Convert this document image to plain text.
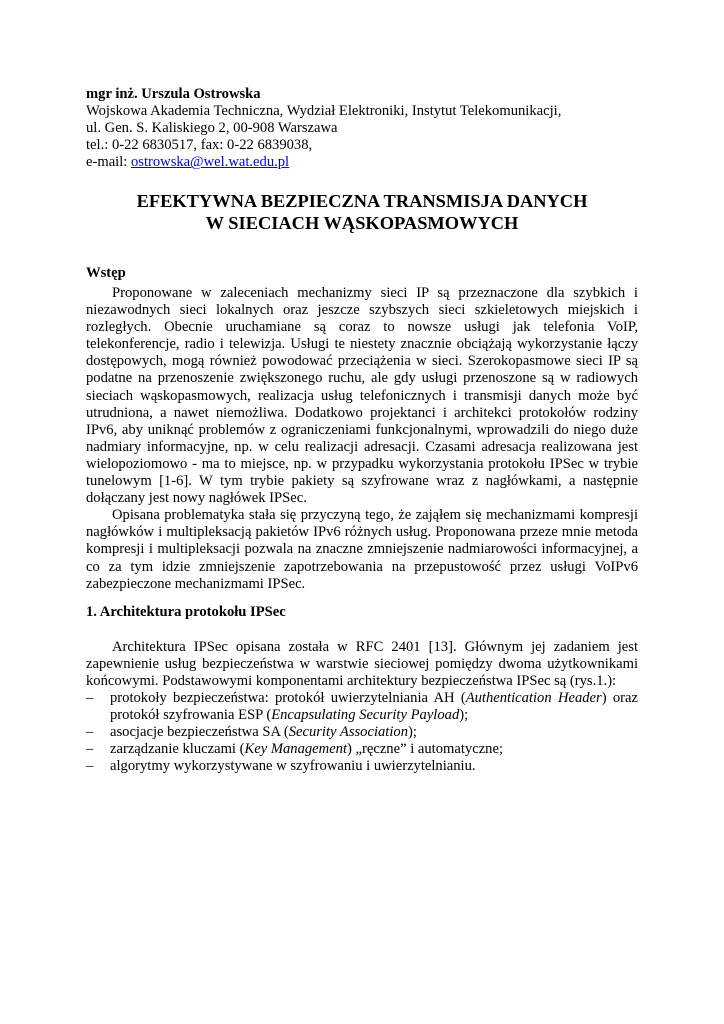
mgr inż. Urszula Ostrowska
Wojskowa Akademia Techniczna, Wydział Elektroniki, Instytut Telekomunikacji,
ul. Gen. S. Kaliskiego 2, 00-908 Warszawa
tel.: 0-22 6830517, fax: 0-22 6839038,
e-mail: ostrowska@wel.wat.edu.pl
EFEKTYWNA BEZPIECZNA TRANSMISJA DANYCH
W SIECIACH WĄSKOPASMOWYCH
Wstęp

Proponowane w zaleceniach mechanizmy sieci IP są przeznaczone dla szybkich i niezawodnych sieci lokalnych oraz jeszcze szybszych sieci szkieletowych miejskich i rozległych. Obecnie uruchamiane są coraz to nowsze usługi jak telefonia VoIP, telekonferencje, radio i telewizja. Usługi te niestety znacznie obciążają wykorzystanie łączy dostępowych, mogą również powodować przeciążenia w sieci. Szerokopasmowe sieci IP są podatne na przenoszenie zwiększonego ruchu, ale gdy usługi przenoszone są w radiowych sieciach wąskopasmowych, realizacja usług telefonicznych i transmisji danych może być utrudniona, a nawet niemożliwa. Dodatkowo projektanci i architekci protokołów rodziny IPv6, aby uniknąć problemów z ograniczeniami funkcjonalnymi, wprowadzili do niego duże nadmiary informacyjne, np. w celu realizacji adresacji. Czasami adresacja realizowana jest wielopoziomowo - ma to miejsce, np. w przypadku wykorzystania protokołu IPSec w trybie tunelowym [1-6]. W tym trybie pakiety są szyfrowane wraz z nagłówkami, a następnie dołączany jest nowy nagłówek IPSec.

Opisana problematyka stała się przyczyną tego, że zająłem się mechanizmami kompresji nagłówków i multipleksacją pakietów IPv6 różnych usług. Proponowana przeze mnie metoda kompresji i multipleksacji pozwala na znaczne zmniejszenie nadmiarowości informacyjnej, a co za tym idzie zmniejszenie zapotrzebowania na przepustowość przez usługi VoIPv6 zabezpieczone mechanizmami IPSec.

1. Architektura protokołu IPSec

Architektura IPSec opisana została w RFC 2401 [13]. Głównym jej zadaniem jest zapewnienie usług bezpieczeństwa w warstwie sieciowej pomiędzy dwoma użytkownikami końcowymi. Podstawowymi komponentami architektury bezpieczeństwa IPSec są (rys.1.):

– protokoły bezpieczeństwa: protokół uwierzytelniania AH (Authentication Header) oraz protokół szyfrowania ESP (Encapsulating Security Payload);
– asocjacje bezpieczeństwa SA (Security Association);
– zarządzanie kluczami (Key Management) „ręczne” i automatyczne;
– algorytmy wykorzystywane w szyfrowaniu i uwierzytelnianiu.
